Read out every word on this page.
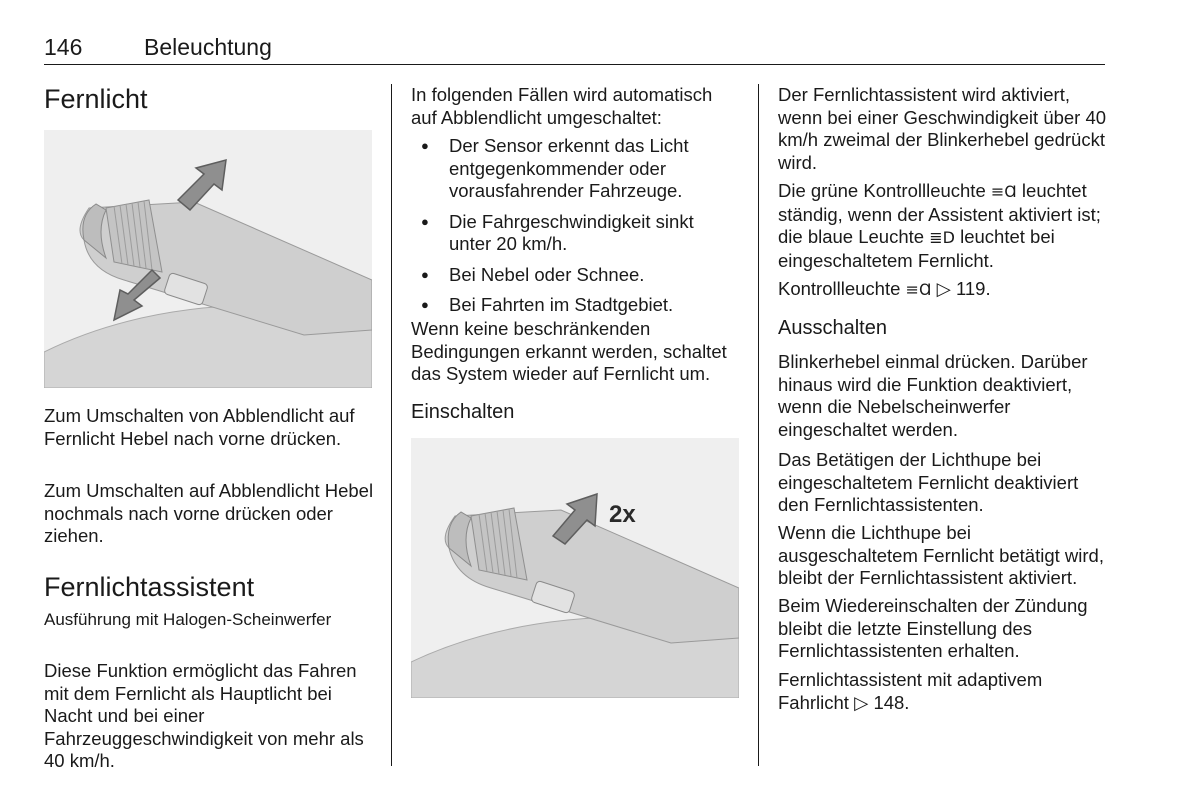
146	Beleuchtung
Fernlicht

Zum Umschalten von Abblendlicht auf Fernlicht Hebel nach vorne drücken.

Zum Umschalten auf Abblendlicht Hebel nochmals nach vorne drücken oder ziehen.

Fernlichtassistent
Ausführung mit Halogen-Scheinwerfer

Diese Funktion ermöglicht das Fahren mit dem Fernlicht als Hauptlicht bei Nacht und bei einer Fahrzeuggeschwindigkeit von mehr als 40 km/h.

In folgenden Fällen wird automatisch auf Abblendlicht umgeschaltet:

● Der Sensor erkennt das Licht entgegenkommender oder vorausfahrender Fahrzeuge.
● Die Fahrgeschwindigkeit sinkt unter 20 km/h.
● Bei Nebel oder Schnee.
● Bei Fahrten im Stadtgebiet.

Wenn keine beschränkenden Bedingungen erkannt werden, schaltet das System wieder auf Fernlicht um.

Einschalten
2x

Der Fernlichtassistent wird aktiviert, wenn bei einer Geschwindigkeit über 40 km/h zweimal der Blinkerhebel gedrückt wird.

Die grüne Kontrollleuchte ≡Ɑ leuchtet ständig, wenn der Assistent aktiviert ist; die blaue Leuchte ≣D leuchtet bei eingeschaltetem Fernlicht.

Kontrollleuchte ≡Ɑ ▷ 119.

Ausschalten

Blinkerhebel einmal drücken. Darüber hinaus wird die Funktion deaktiviert, wenn die Nebelscheinwerfer eingeschaltet werden.

Das Betätigen der Lichthupe bei eingeschaltetem Fernlicht deaktiviert den Fernlichtassistenten.

Wenn die Lichthupe bei ausgeschaltetem Fernlicht betätigt wird, bleibt der Fernlichtassistent aktiviert.

Beim Wiedereinschalten der Zündung bleibt die letzte Einstellung des Fernlichtassistenten erhalten.

Fernlichtassistent mit adaptivem Fahrlicht ▷ 148.
